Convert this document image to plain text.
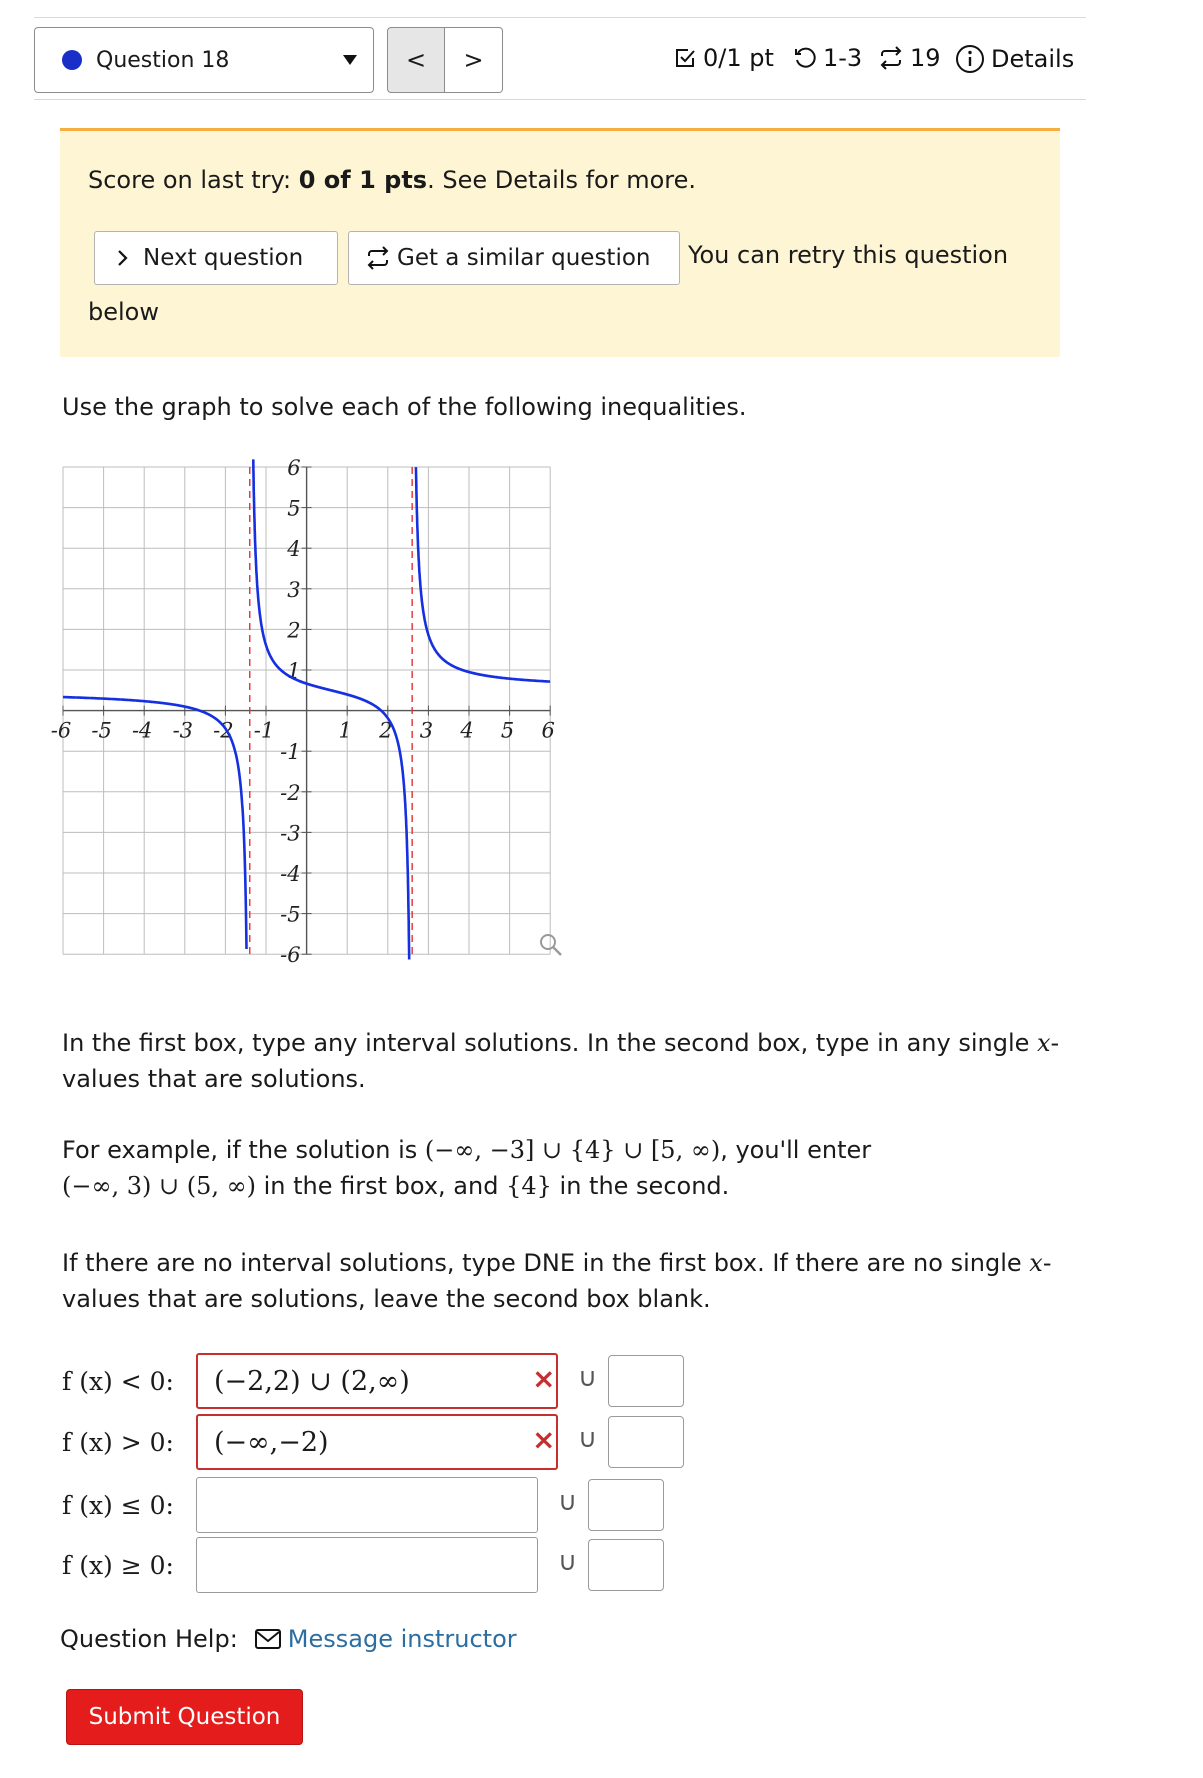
Question 18	<	>	0/1 pt 1-3 19 Details
Score on last try: 0 of 1 pts. See Details for more.
Next question	Get a similar question You can retry this question
below
Use the graph to solve each of the following inequalities.
-6 -5 -4 -3 -2 -1	1 2 3 4 5 6
6
5
4
3
2
1
-1
-2
-3
-4
-5
-6
In the first box, type any interval solutions. In the second box, type in any single x-values that are solutions.
For example, if the solution is (−∞, −3] ∪ {4} ∪ [5, ∞), you'll enter
(−∞, 3) ∪ (5, ∞) in the first box, and {4} in the second.
If there are no interval solutions, type DNE in the first box. If there are no single x-values that are solutions, leave the second box blank.
f (x) < 0:	(−2,2) ∪ (2,∞)	× ∪
f (x) > 0:	(−∞,−2)	× ∪
f (x) ≤ 0:	∪
f (x) ≥ 0:	∪
Question Help: Message instructor
Submit Question
